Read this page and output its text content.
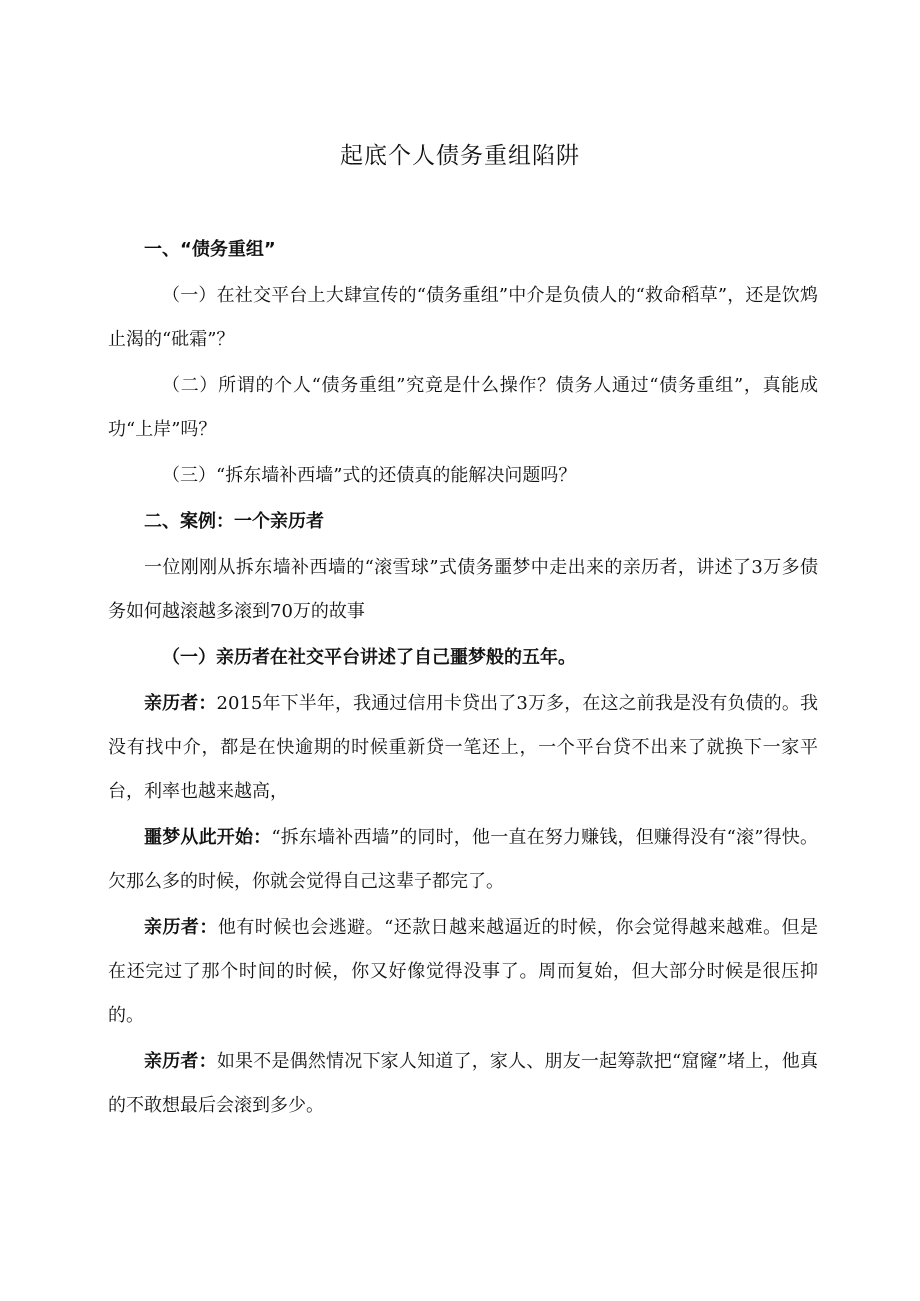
起底个人债务重组陷阱

一、“债务重组”

（一）在社交平台上大肆宣传的“债务重组”中介是负债人的“救命稻草”，还是饮鸩止渴的“砒霜”？

（二）所谓的个人“债务重组”究竟是什么操作？债务人通过“债务重组”，真能成功“上岸”吗？

（三）“拆东墙补西墙”式的还债真的能解决问题吗？

二、案例：一个亲历者

一位刚刚从拆东墙补西墙的“滚雪球”式债务噩梦中走出来的亲历者，讲述了3万多债务如何越滚越多滚到70万的故事

（一）亲历者在社交平台讲述了自己噩梦般的五年。

亲历者：2015年下半年，我通过信用卡贷出了3万多，在这之前我是没有负债的。我没有找中介，都是在快逾期的时候重新贷一笔还上，一个平台贷不出来了就换下一家平台，利率也越来越高，

噩梦从此开始：“拆东墙补西墙”的同时，他一直在努力赚钱，但赚得没有“滚”得快。欠那么多的时候，你就会觉得自己这辈子都完了。

亲历者：他有时候也会逃避。“还款日越来越逼近的时候，你会觉得越来越难。但是在还完过了那个时间的时候，你又好像觉得没事了。周而复始，但大部分时候是很压抑的。

亲历者：如果不是偶然情况下家人知道了，家人、朋友一起筹款把“窟窿”堵上，他真的不敢想最后会滚到多少。
